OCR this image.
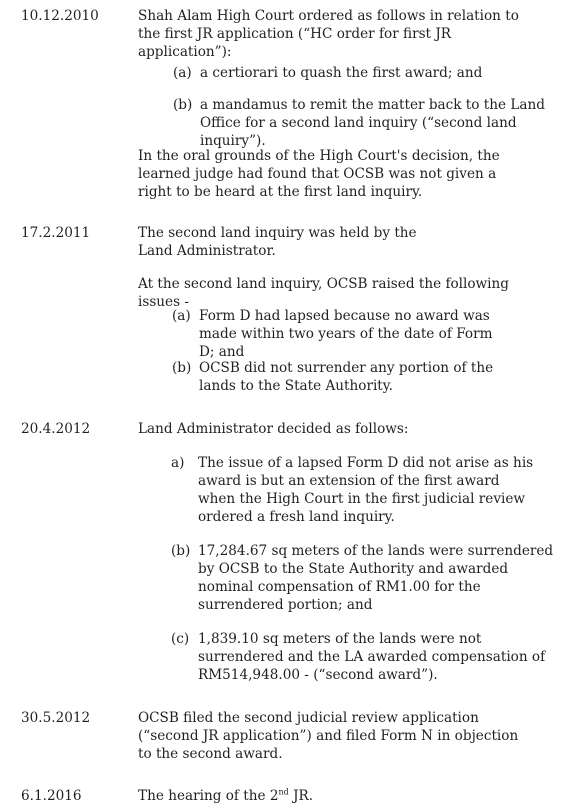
10.12.2010	Shah Alam High Court ordered as follows in relation to the first JR application (“HC order for first JR application”):
(a) a certiorari to quash the first award; and
(b) a mandamus to remit the matter back to the Land Office for a second land inquiry (“second land inquiry”).
In the oral grounds of the High Court's decision, the learned judge had found that OCSB was not given a right to be heard at the first land inquiry.
17.2.2011	The second land inquiry was held by the Land Administrator.
At the second land inquiry, OCSB raised the following issues -
(a) Form D had lapsed because no award was made within two years of the date of Form D; and
(b) OCSB did not surrender any portion of the lands to the State Authority.
20.4.2012	Land Administrator decided as follows:
a) The issue of a lapsed Form D did not arise as his award is but an extension of the first award when the High Court in the first judicial review ordered a fresh land inquiry.
(b) 17,284.67 sq meters of the lands were surrendered by OCSB to the State Authority and awarded nominal compensation of RM1.00 for the surrendered portion; and
(c) 1,839.10 sq meters of the lands were not surrendered and the LA awarded compensation of RM514,948.00 - (“second award”).
30.5.2012	OCSB filed the second judicial review application (“second JR application”) and filed Form N in objection to the second award.
6.1.2016	The hearing of the 2nd JR.
